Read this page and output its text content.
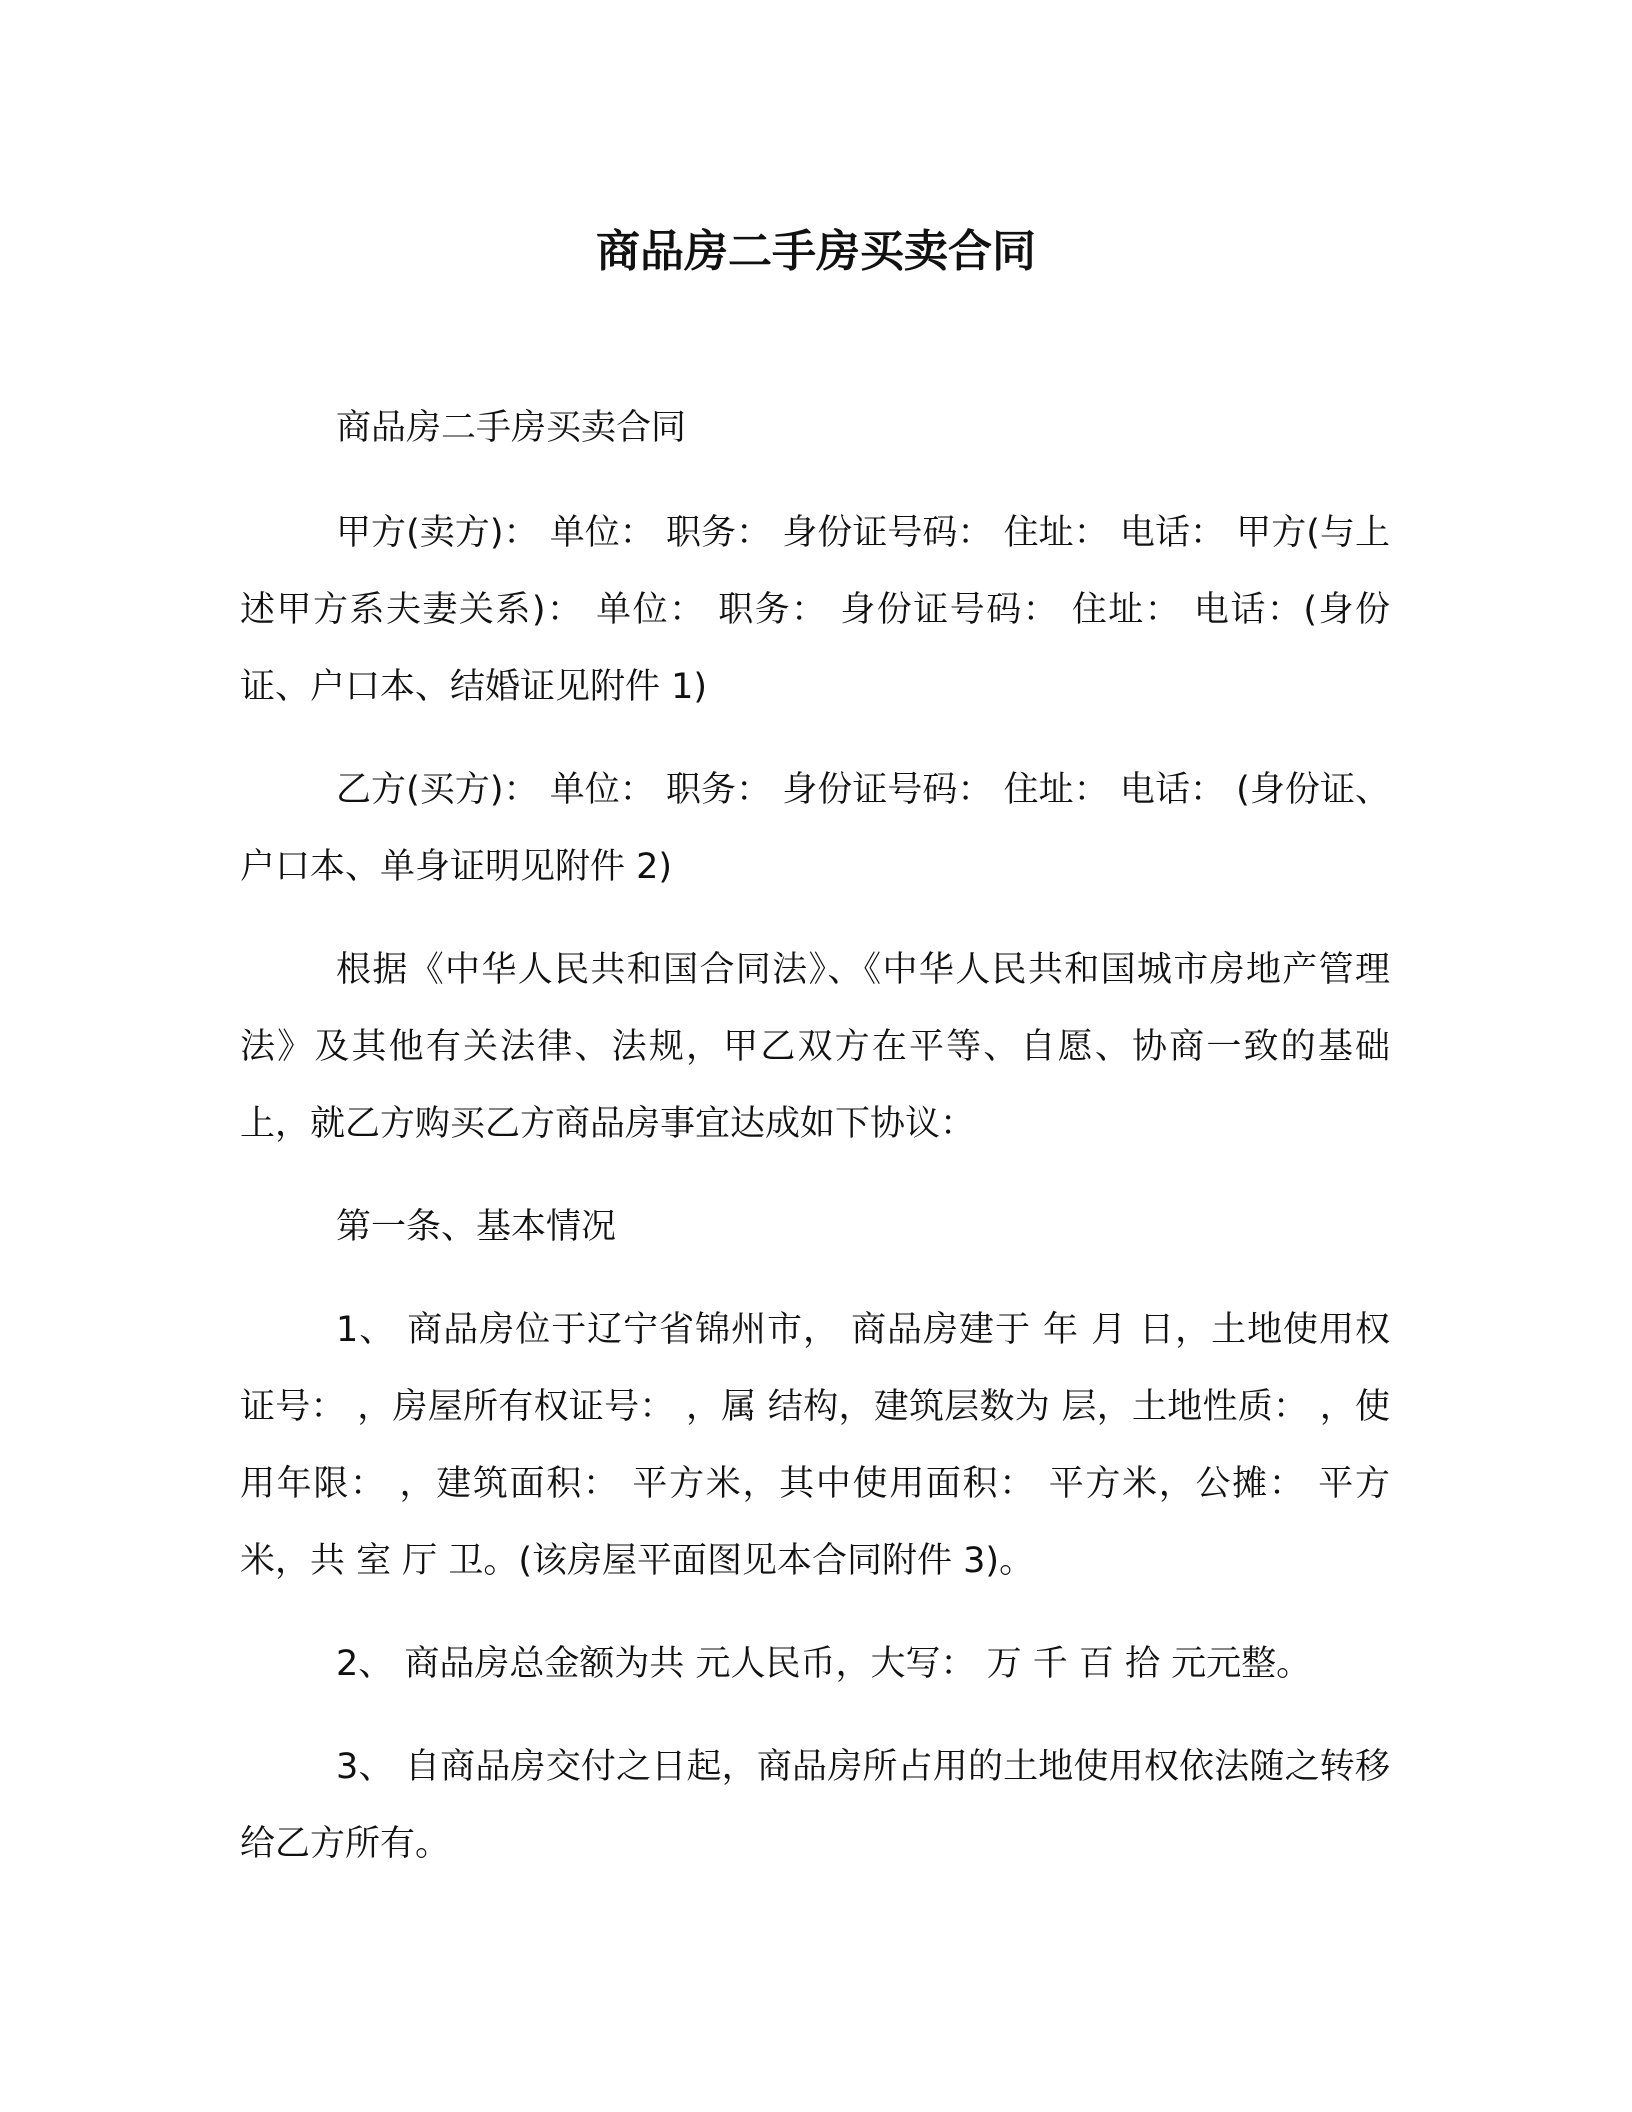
商品房二手房买卖合同

商品房二手房买卖合同

甲方(卖方)： 单位： 职务： 身份证号码： 住址： 电话： 甲方(与上述甲方系夫妻关系)： 单位： 职务： 身份证号码： 住址： 电话：(身份证、户口本、结婚证见附件 1)

乙方(买方)： 单位： 职务： 身份证号码： 住址： 电话： (身份证、户口本、单身证明见附件 2)

根据《中华人民共和国合同法》、《中华人民共和国城市房地产管理法》及其他有关法律、法规，甲乙双方在平等、自愿、协商一致的基础上，就乙方购买乙方商品房事宜达成如下协议：

第一条、基本情况

1、 商品房位于辽宁省锦州市， 商品房建于 年 月 日，土地使用权证号： ，房屋所有权证号： ，属 结构，建筑层数为 层，土地性质： ，使用年限： ，建筑面积： 平方米，其中使用面积： 平方米，公摊： 平方米，共 室 厅 卫。(该房屋平面图见本合同附件 3)。

2、 商品房总金额为共 元人民币，大写： 万 千 百 拾 元元整。

3、 自商品房交付之日起，商品房所占用的土地使用权依法随之转移给乙方所有。
